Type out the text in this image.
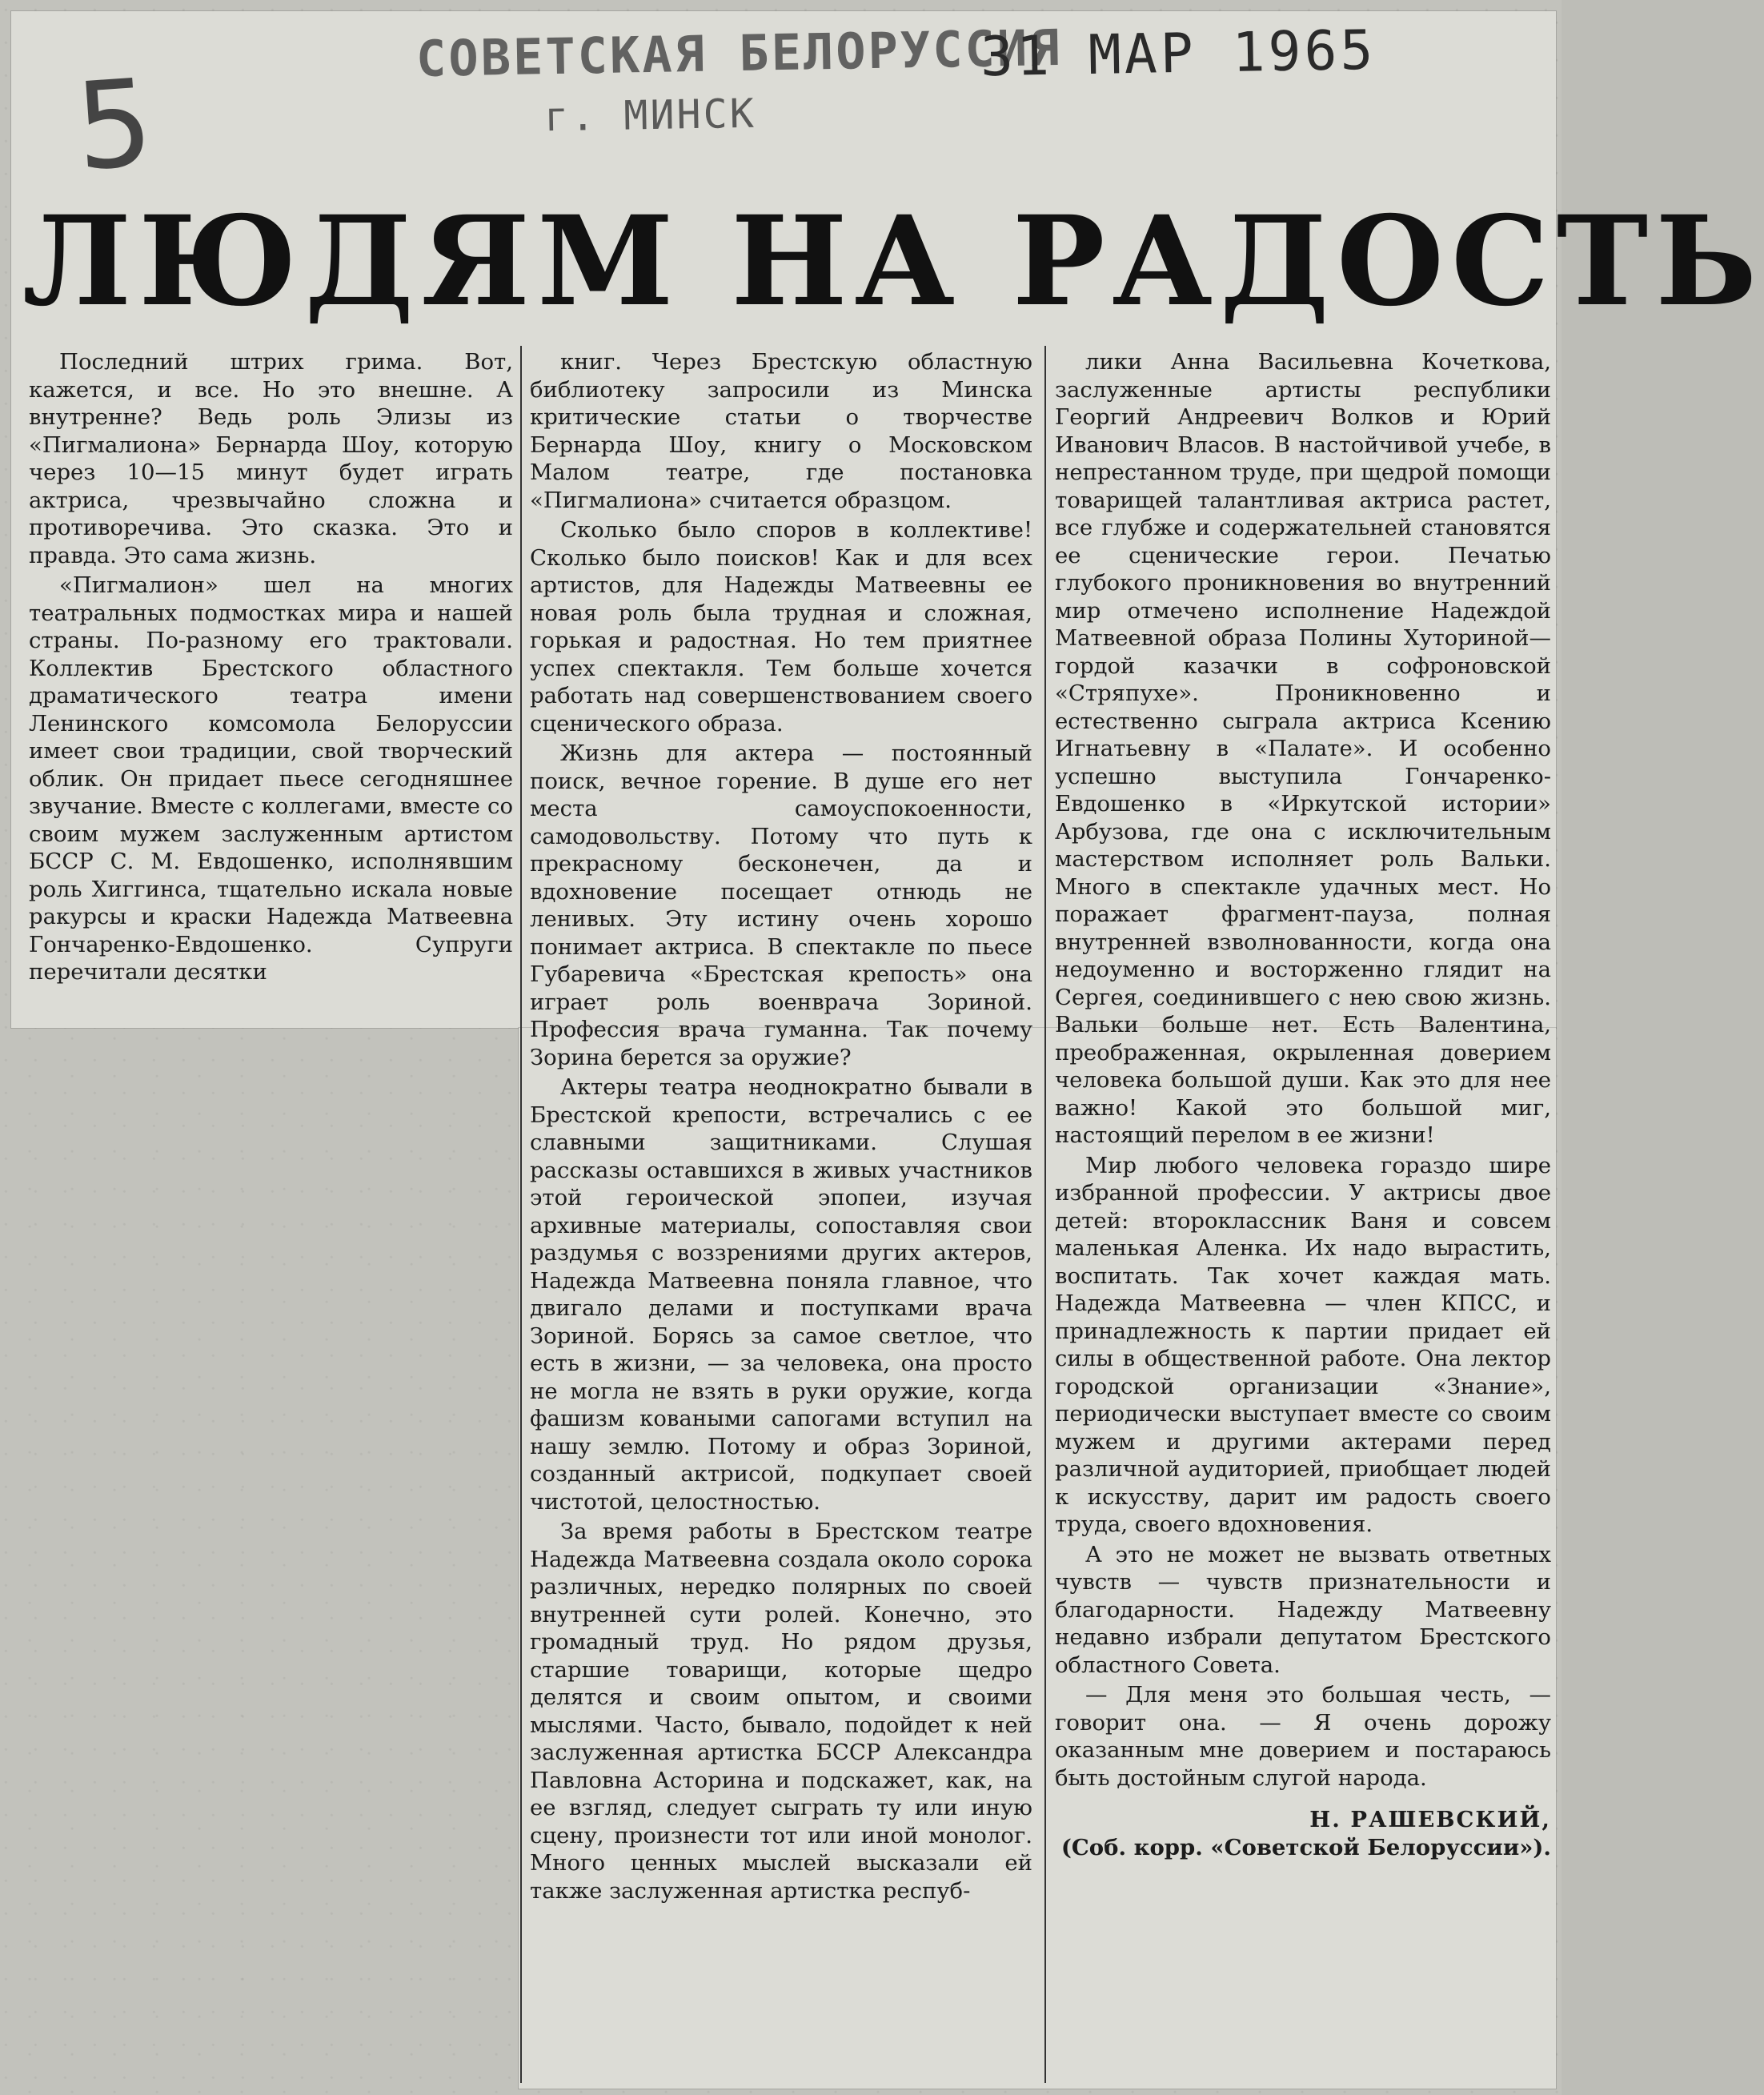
5
СОВЕТСКАЯ БЕЛОРУССИЯ
г. МИНСК
31 МАР 1965
ЛЮДЯМ НА РАДОСТЬ

Последний штрих грима. Вот, кажется, и все. Но это внешне. А внутренне? Ведь роль Элизы из «Пигмалиона» Бернарда Шоу, которую через 10—15 минут будет играть актриса, чрезвычайно сложна и противоречива. Это сказка. Это и правда. Это сама жизнь.

«Пигмалион» шел на многих театральных подмостках мира и нашей страны. По-разному его трактовали. Коллектив Брестского областного драматического театра имени Ленинского комсомола Белоруссии имеет свои традиции, свой творческий облик. Он придает пьесе сегодняшнее звучание. Вместе с коллегами, вместе со своим мужем заслуженным артистом БССР С. М. Евдошенко, исполнявшим роль Хиггинса, тщательно искала новые ракурсы и краски Надежда Матвеевна Гончаренко-Евдошенко. Супруги перечитали десятки

книг. Через Брестскую областную библиотеку запросили из Минска критические статьи о творчестве Бернарда Шоу, книгу о Московском Малом театре, где постановка «Пигмалиона» считается образцом.

Сколько было споров в коллективе! Сколько было поисков! Как и для всех артистов, для Надежды Матвеевны ее новая роль была трудная и сложная, горькая и радостная. Но тем приятнее успех спектакля. Тем больше хочется работать над совершенствованием своего сценического образа.

Жизнь для актера — постоянный поиск, вечное горение. В душе его нет места самоуспокоенности, самодовольству. Потому что путь к прекрасному бесконечен, да и вдохновение посещает отнюдь не ленивых. Эту истину очень хорошо понимает актриса. В спектакле по пьесе Губаревича «Брестская крепость» она играет роль военврача Зориной. Профессия врача гуманна. Так почему Зорина берется за оружие?

Актеры театра неоднократно бывали в Брестской крепости, встречались с ее славными защитниками. Слушая рассказы оставшихся в живых участников этой героической эпопеи, изучая архивные материалы, сопоставляя свои раздумья с воззрениями других актеров, Надежда Матвеевна поняла главное, что двигало делами и поступками врача Зориной. Борясь за самое светлое, что есть в жизни, — за человека, она просто не могла не взять в руки оружие, когда фашизм коваными сапогами вступил на нашу землю. Потому и образ Зориной, созданный актрисой, подкупает своей чистотой, целостностью.

За время работы в Брестском театре Надежда Матвеевна создала около сорока различных, нередко полярных по своей внутренней сути ролей. Конечно, это громадный труд. Но рядом друзья, старшие товарищи, которые щедро делятся и своим опытом, и своими мыслями. Часто, бывало, подойдет к ней заслуженная артистка БССР Александра Павловна Асторина и подскажет, как, на ее взгляд, следует сыграть ту или иную сцену, произнести тот или иной монолог. Много ценных мыслей высказали ей также заслуженная артистка респуб-

лики Анна Васильевна Кочеткова, заслуженные артисты республики Георгий Андреевич Волков и Юрий Иванович Власов. В настойчивой учебе, в непрестанном труде, при щедрой помощи товарищей талантливая актриса растет, все глубже и содержательней становятся ее сценические герои. Печатью глубокого проникновения во внутренний мир отмечено исполнение Надеждой Матвеевной образа Полины Хуториной—гордой казачки в софроновской «Стряпухе». Проникновенно и естественно сыграла актриса Ксению Игнатьевну в «Палате». И особенно успешно выступила Гончаренко-Евдошенко в «Иркутской истории» Арбузова, где она с исключительным мастерством исполняет роль Вальки. Много в спектакле удачных мест. Но поражает фрагмент-пауза, полная внутренней взволнованности, когда она недоуменно и восторженно глядит на Сергея, соединившего с нею свою жизнь. Вальки больше нет. Есть Валентина, преображенная, окрыленная доверием человека большой души. Как это для нее важно! Какой это большой миг, настоящий перелом в ее жизни!

Мир любого человека гораздо шире избранной профессии. У актрисы двое детей: второклассник Ваня и совсем маленькая Аленка. Их надо вырастить, воспитать. Так хочет каждая мать. Надежда Матвеевна — член КПСС, и принадлежность к партии придает ей силы в общественной работе. Она лектор городской организации «Знание», периодически выступает вместе со своим мужем и другими актерами перед различной аудиторией, приобщает людей к искусству, дарит им радость своего труда, своего вдохновения.

А это не может не вызвать ответных чувств — чувств признательности и благодарности. Надежду Матвеевну недавно избрали депутатом Брестского областного Совета.

— Для меня это большая честь, — говорит она. — Я очень дорожу оказанным мне доверием и постараюсь быть достойным слугой народа.

Н. РАШЕВСКИЙ,
(Соб. корр. «Советской Белоруссии»).
